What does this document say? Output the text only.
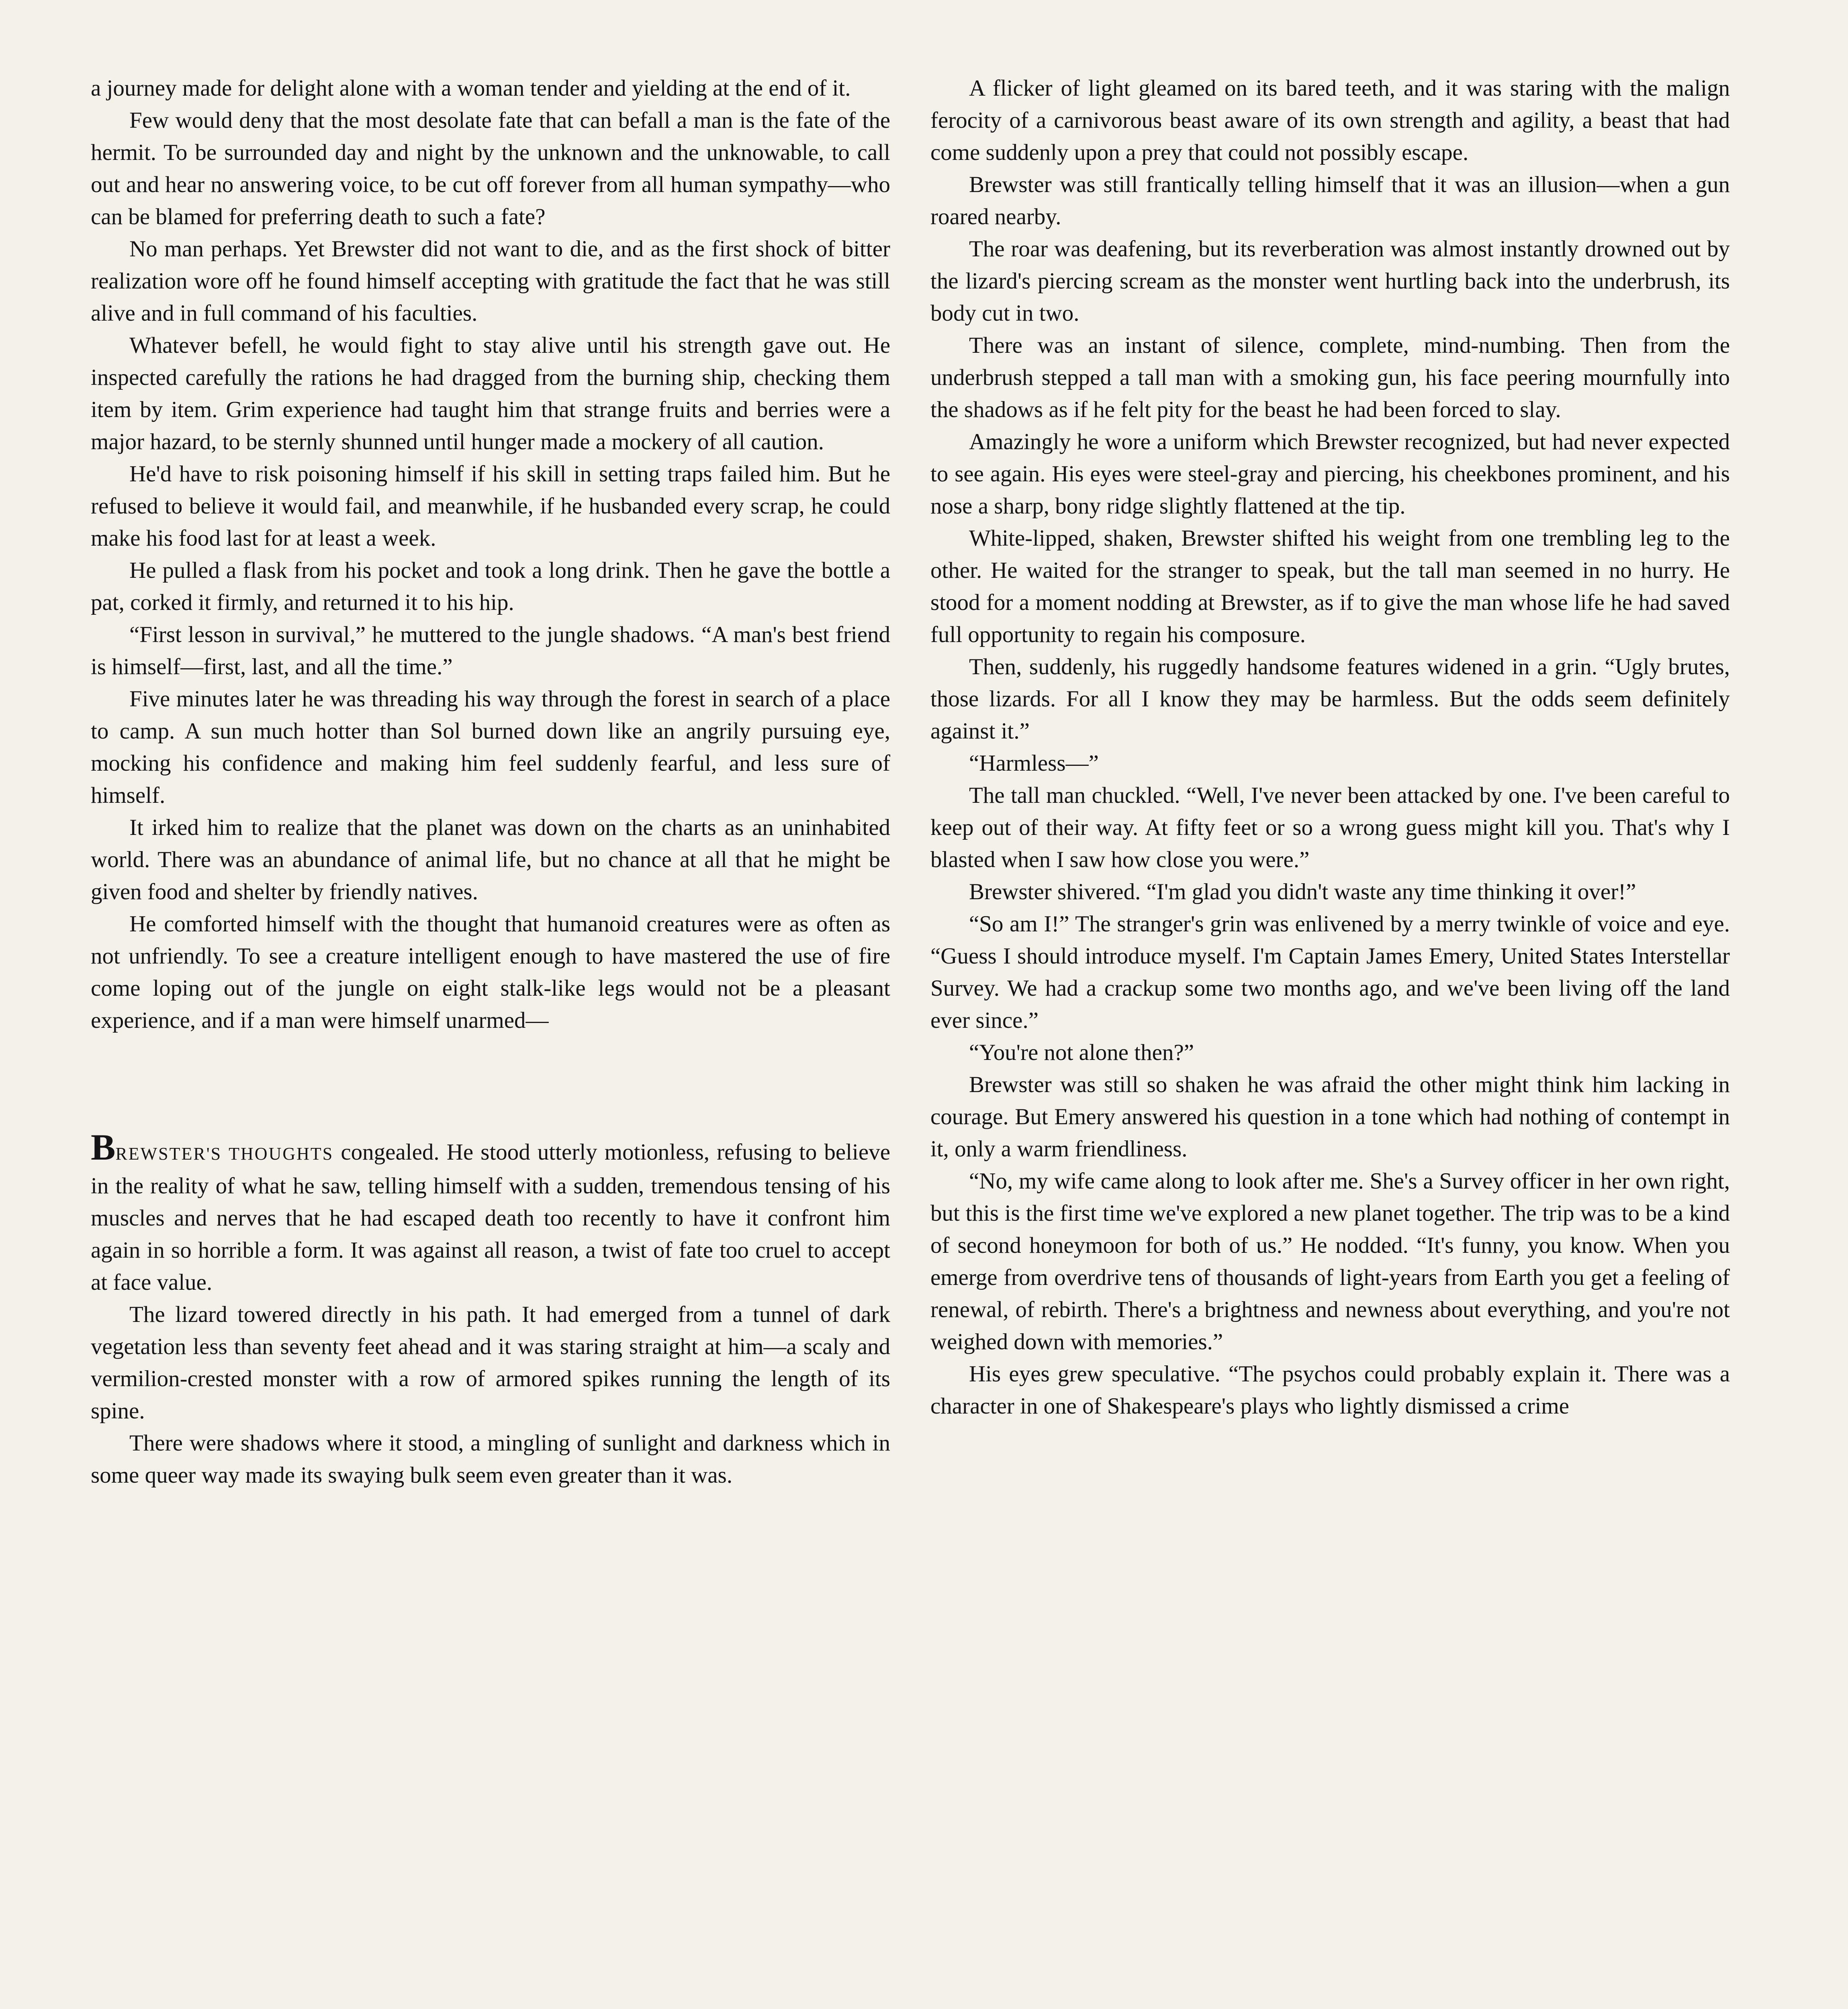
a journey made for delight alone with a woman tender and yielding at the end of it.

Few would deny that the most desolate fate that can befall a man is the fate of the hermit. To be surrounded day and night by the unknown and the unknowable, to call out and hear no answering voice, to be cut off forever from all human sympathy—who can be blamed for preferring death to such a fate?

No man perhaps. Yet Brewster did not want to die, and as the first shock of bitter realization wore off he found himself accepting with gratitude the fact that he was still alive and in full command of his faculties.

Whatever befell, he would fight to stay alive until his strength gave out. He inspected carefully the rations he had dragged from the burning ship, checking them item by item. Grim experience had taught him that strange fruits and berries were a major hazard, to be sternly shunned until hunger made a mockery of all caution.

He'd have to risk poisoning himself if his skill in setting traps failed him. But he refused to believe it would fail, and meanwhile, if he husbanded every scrap, he could make his food last for at least a week.

He pulled a flask from his pocket and took a long drink. Then he gave the bottle a pat, corked it firmly, and returned it to his hip.

“First lesson in survival,” he muttered to the jungle shadows. “A man's best friend is himself—first, last, and all the time.”

Five minutes later he was threading his way through the forest in search of a place to camp. A sun much hotter than Sol burned down like an angrily pursuing eye, mocking his confidence and making him feel suddenly fearful, and less sure of himself.

It irked him to realize that the planet was down on the charts as an uninhabited world. There was an abundance of animal life, but no chance at all that he might be given food and shelter by friendly natives.

He comforted himself with the thought that humanoid creatures were as often as not unfriendly. To see a creature intelligent enough to have mastered the use of fire come loping out of the jungle on eight stalk-like legs would not be a pleasant experience, and if a man were himself unarmed—

BREWSTER'S THOUGHTS congealed. He stood utterly motionless, refusing to believe in the reality of what he saw, telling himself with a sudden, tremendous tensing of his muscles and nerves that he had escaped death too recently to have it confront him again in so horrible a form. It was against all reason, a twist of fate too cruel to accept at face value.

The lizard towered directly in his path. It had emerged from a tunnel of dark vegetation less than seventy feet ahead and it was staring straight at him—a scaly and vermilion-crested monster with a row of armored spikes running the length of its spine.

There were shadows where it stood, a mingling of sunlight and darkness which in some queer way made its swaying bulk seem even greater than it was.

A flicker of light gleamed on its bared teeth, and it was staring with the malign ferocity of a carnivorous beast aware of its own strength and agility, a beast that had come suddenly upon a prey that could not possibly escape.

Brewster was still frantically telling himself that it was an illusion—when a gun roared nearby.

The roar was deafening, but its reverberation was almost instantly drowned out by the lizard's piercing scream as the monster went hurtling back into the underbrush, its body cut in two.

There was an instant of silence, complete, mind-numbing. Then from the underbrush stepped a tall man with a smoking gun, his face peering mournfully into the shadows as if he felt pity for the beast he had been forced to slay.

Amazingly he wore a uniform which Brewster recognized, but had never expected to see again. His eyes were steel-gray and piercing, his cheekbones prominent, and his nose a sharp, bony ridge slightly flattened at the tip.

White-lipped, shaken, Brewster shifted his weight from one trembling leg to the other. He waited for the stranger to speak, but the tall man seemed in no hurry. He stood for a moment nodding at Brewster, as if to give the man whose life he had saved full opportunity to regain his composure.

Then, suddenly, his ruggedly handsome features widened in a grin. “Ugly brutes, those lizards. For all I know they may be harmless. But the odds seem definitely against it.”

“Harmless—”

The tall man chuckled. “Well, I've never been attacked by one. I've been careful to keep out of their way. At fifty feet or so a wrong guess might kill you. That's why I blasted when I saw how close you were.”

Brewster shivered. “I'm glad you didn't waste any time thinking it over!”

“So am I!” The stranger's grin was enlivened by a merry twinkle of voice and eye. “Guess I should introduce myself. I'm Captain James Emery, United States Interstellar Survey. We had a crackup some two months ago, and we've been living off the land ever since.”

“You're not alone then?”

Brewster was still so shaken he was afraid the other might think him lacking in courage. But Emery answered his question in a tone which had nothing of contempt in it, only a warm friendliness.

“No, my wife came along to look after me. She's a Survey officer in her own right, but this is the first time we've explored a new planet together. The trip was to be a kind of second honeymoon for both of us.” He nodded. “It's funny, you know. When you emerge from overdrive tens of thousands of light-years from Earth you get a feeling of renewal, of rebirth. There's a brightness and newness about everything, and you're not weighed down with memories.”

His eyes grew speculative. “The psychos could probably explain it. There was a character in one of Shakespeare's plays who lightly dismissed a crime
